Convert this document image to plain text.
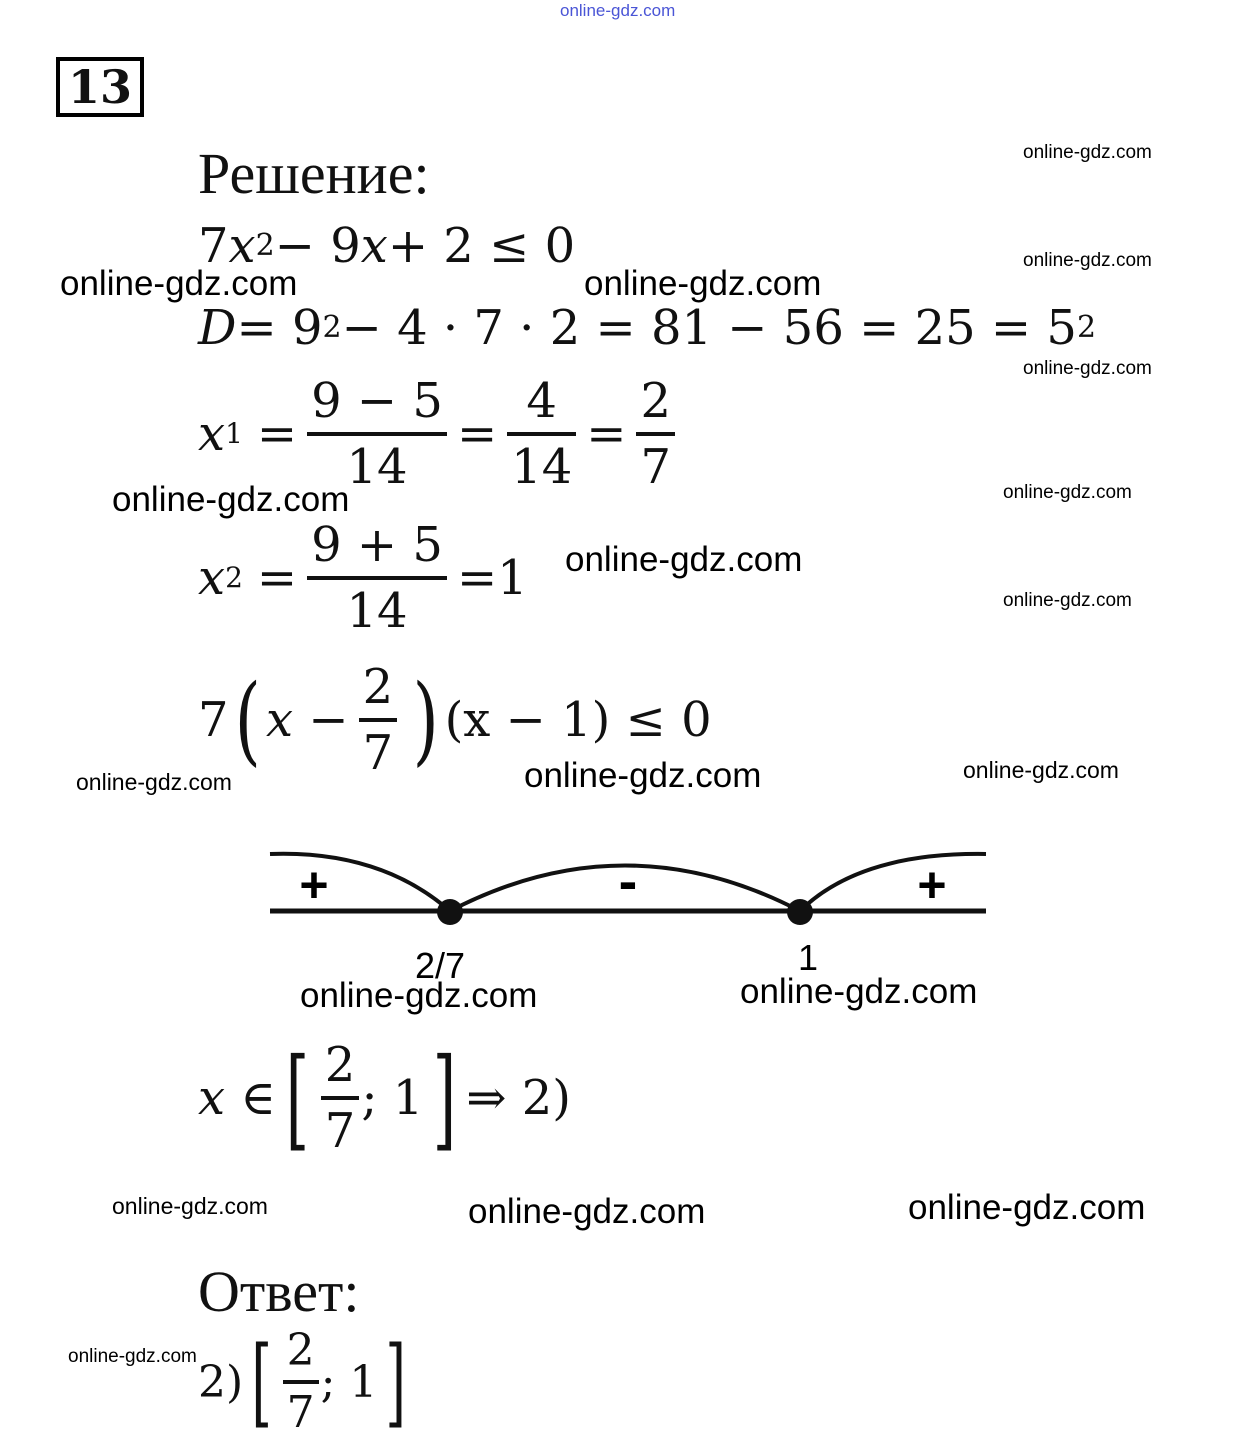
online-gdz.com
13
Решение:
7 x 2 − 9 x + 2 ≤ 0
D = 9 2 − 4 · 7 · 2 = 81 − 56 = 25 = 5 2
x $1 = \frac{9 - 5}{14} = \frac{4}{14} = \frac{2}{7}$
x $2 = \frac{9 + 5}{14} = 1$
7 ( $x - \frac{2}{7}$ ) (x − 1) ≤ 0
+	-	+
2/7	1
x ∈ [ $\frac{2}{7}$ ; 1 ] ⇒ 2)
Ответ:
2) [ $\frac{2}{7}$ ; 1 ]
online-gdz.com
online-gdz.com
online-gdz.com
online-gdz.com
online-gdz.com
online-gdz.com	online-gdz.com
online-gdz.com
online-gdz.com
online-gdz.com	online-gdz.com	online-gdz.com
online-gdz.com	online-gdz.com
online-gdz.com	online-gdz.com	online-gdz.com
online-gdz.com
